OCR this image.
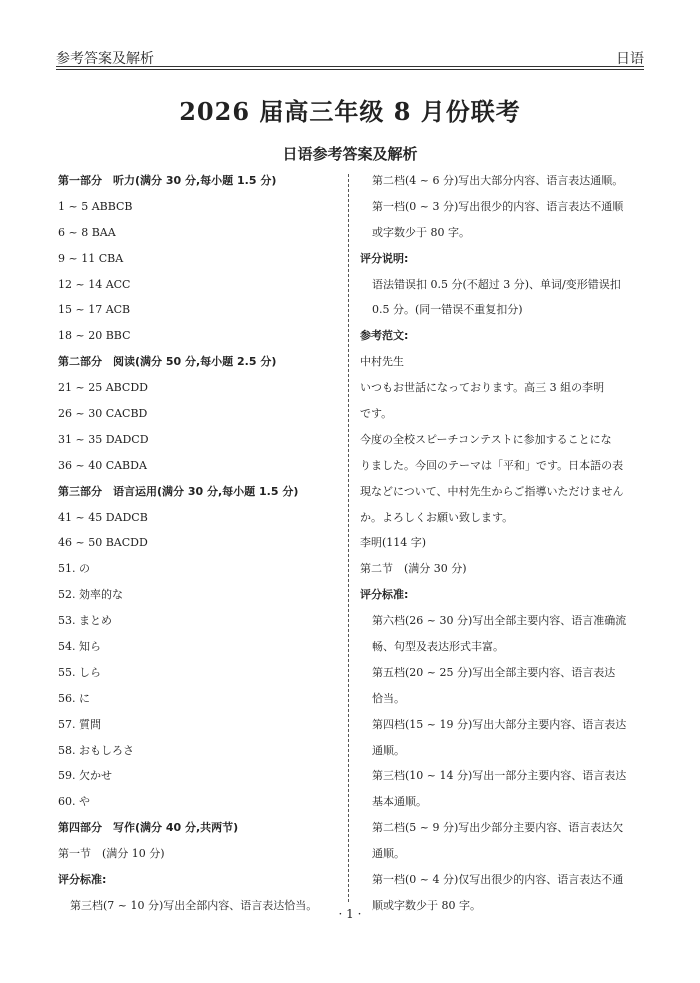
参考答案及解析	日语
2026 届高三年级 8 月份联考
日语参考答案及解析
第一部分　听力(满分 30 分,每小题 1.5 分)
1 ~ 5 ABBCB
6 ~ 8 BAA
9 ~ 11 CBA
12 ~ 14 ACC
15 ~ 17 ACB
18 ~ 20 BBC
第二部分　阅读(满分 50 分,每小题 2.5 分)
21 ~ 25 ABCDD
26 ~ 30 CACBD
31 ~ 35 DADCD
36 ~ 40 CABDA
第三部分　语言运用(满分 30 分,每小题 1.5 分)
41 ~ 45 DADCB
46 ~ 50 BACDD
51. の
52. 効率的な
53. まとめ
54. 知ら
55. しら
56. に
57. 質問
58. おもしろさ
59. 欠かせ
60. や
第四部分　写作(满分 40 分,共两节)
第一节　(满分 10 分)
评分标准:
第三档(7 ~ 10 分)写出全部内容、语言表达恰当。
第二档(4 ~ 6 分)写出大部分内容、语言表达通顺。
第一档(0 ~ 3 分)写出很少的内容、语言表达不通顺
或字数少于 80 字。
评分说明:
语法错误扣 0.5 分(不超过 3 分)、单词/变形错误扣
0.5 分。(同一错误不重复扣分)
参考范文:
中村先生
いつもお世話になっております。高三 3 組の李明
です。
今度の全校スピーチコンテストに参加することにな
りました。今回のテーマは「平和」です。日本語の表
現などについて、中村先生からご指導いただけません
か。よろしくお願い致します。
李明(114 字)
第二节　(满分 30 分)
评分标准:
第六档(26 ~ 30 分)写出全部主要内容、语言准确流
畅、句型及表达形式丰富。
第五档(20 ~ 25 分)写出全部主要内容、语言表达
恰当。
第四档(15 ~ 19 分)写出大部分主要内容、语言表达
通顺。
第三档(10 ~ 14 分)写出一部分主要内容、语言表达
基本通顺。
第二档(5 ~ 9 分)写出少部分主要内容、语言表达欠
通顺。
第一档(0 ~ 4 分)仅写出很少的内容、语言表达不通
顺或字数少于 80 字。
· 1 ·
